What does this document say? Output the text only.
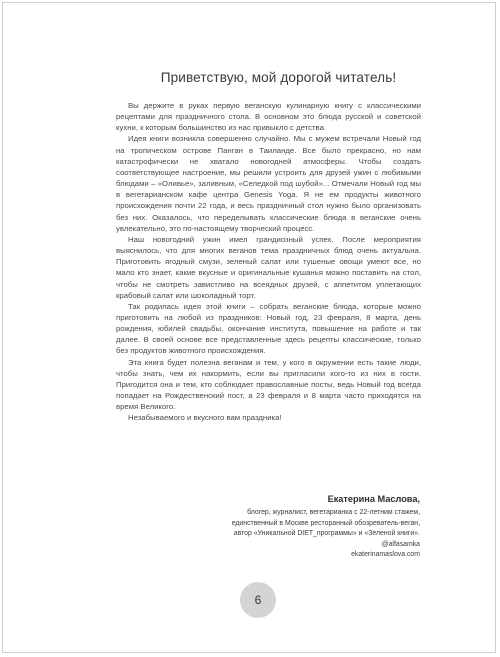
Приветствую, мой дорогой читатель!

Вы держите в руках первую веганскую кулинарную книгу с классическими рецептами для праздничного стола. В основном это блюда русской и советской кухни, к которым большинство из нас привыкло с детства.

Идея книги возникла совершенно случайно. Мы с мужем встречали Новый год на тропическом острове Панган в Таиланде. Все было прекрасно, но нам катастрофически не хватало новогодней атмосферы. Чтобы создать соответствующее настроение, мы решили устроить для друзей ужин с любимыми блюдами – «Оливье», заливным, «Селедкой под шубой»... Отмечали Новый год мы в вегетарианском кафе центра Genesis Yoga. Я не ем продукты животного происхождения почти 22 года, и весь праздничный стол нужно было организовать без них. Оказалось, что переделывать классические блюда в веганские очень увлекательно, это по-настоящему творческий процесс.

Наш новогодний ужин имел грандиозный успех. После мероприятия выяснилось, что для многих веганов тема праздничных блюд очень актуальна. Приготовить ягодный смузи, зеленый салат или тушеные овощи умеют все, но мало кто знает, какие вкусные и оригинальные кушанья можно поставить на стол, чтобы не смотреть завистливо на всеядных друзей, с аппетитом уплетающих крабовый салат или шоколадный торт.

Так родилась идея этой книги – собрать веганские блюда, которые можно приготовить на любой из праздников: Новый год, 23 февраля, 8 марта, день рождения, юбилей свадьбы, окончание института, повышение на работе и так далее. В своей основе все представленные здесь рецепты классические, только без продуктов животного происхождения.

Эта книга будет полезна веганам и тем, у кого в окружении есть такие люди, чтобы знать, чем их накормить, если вы пригласили кого-то из них в гости. Пригодится она и тем, кто соблюдает православные посты, ведь Новый год всегда попадает на Рождественский пост, а 23 февраля и 8 марта часто приходятся на время Великого.

Незабываемого и вкусного вам праздника!

Екатерина Маслова,
блогер, журналист, вегетарианка с 22-летним стажем,
единственный в Москве ресторанный обозреватель-веган,
автор «Уникальной DIET_программы» и «Зеленой книги».
@alfasamka
ekaterinamaslova.com
6
